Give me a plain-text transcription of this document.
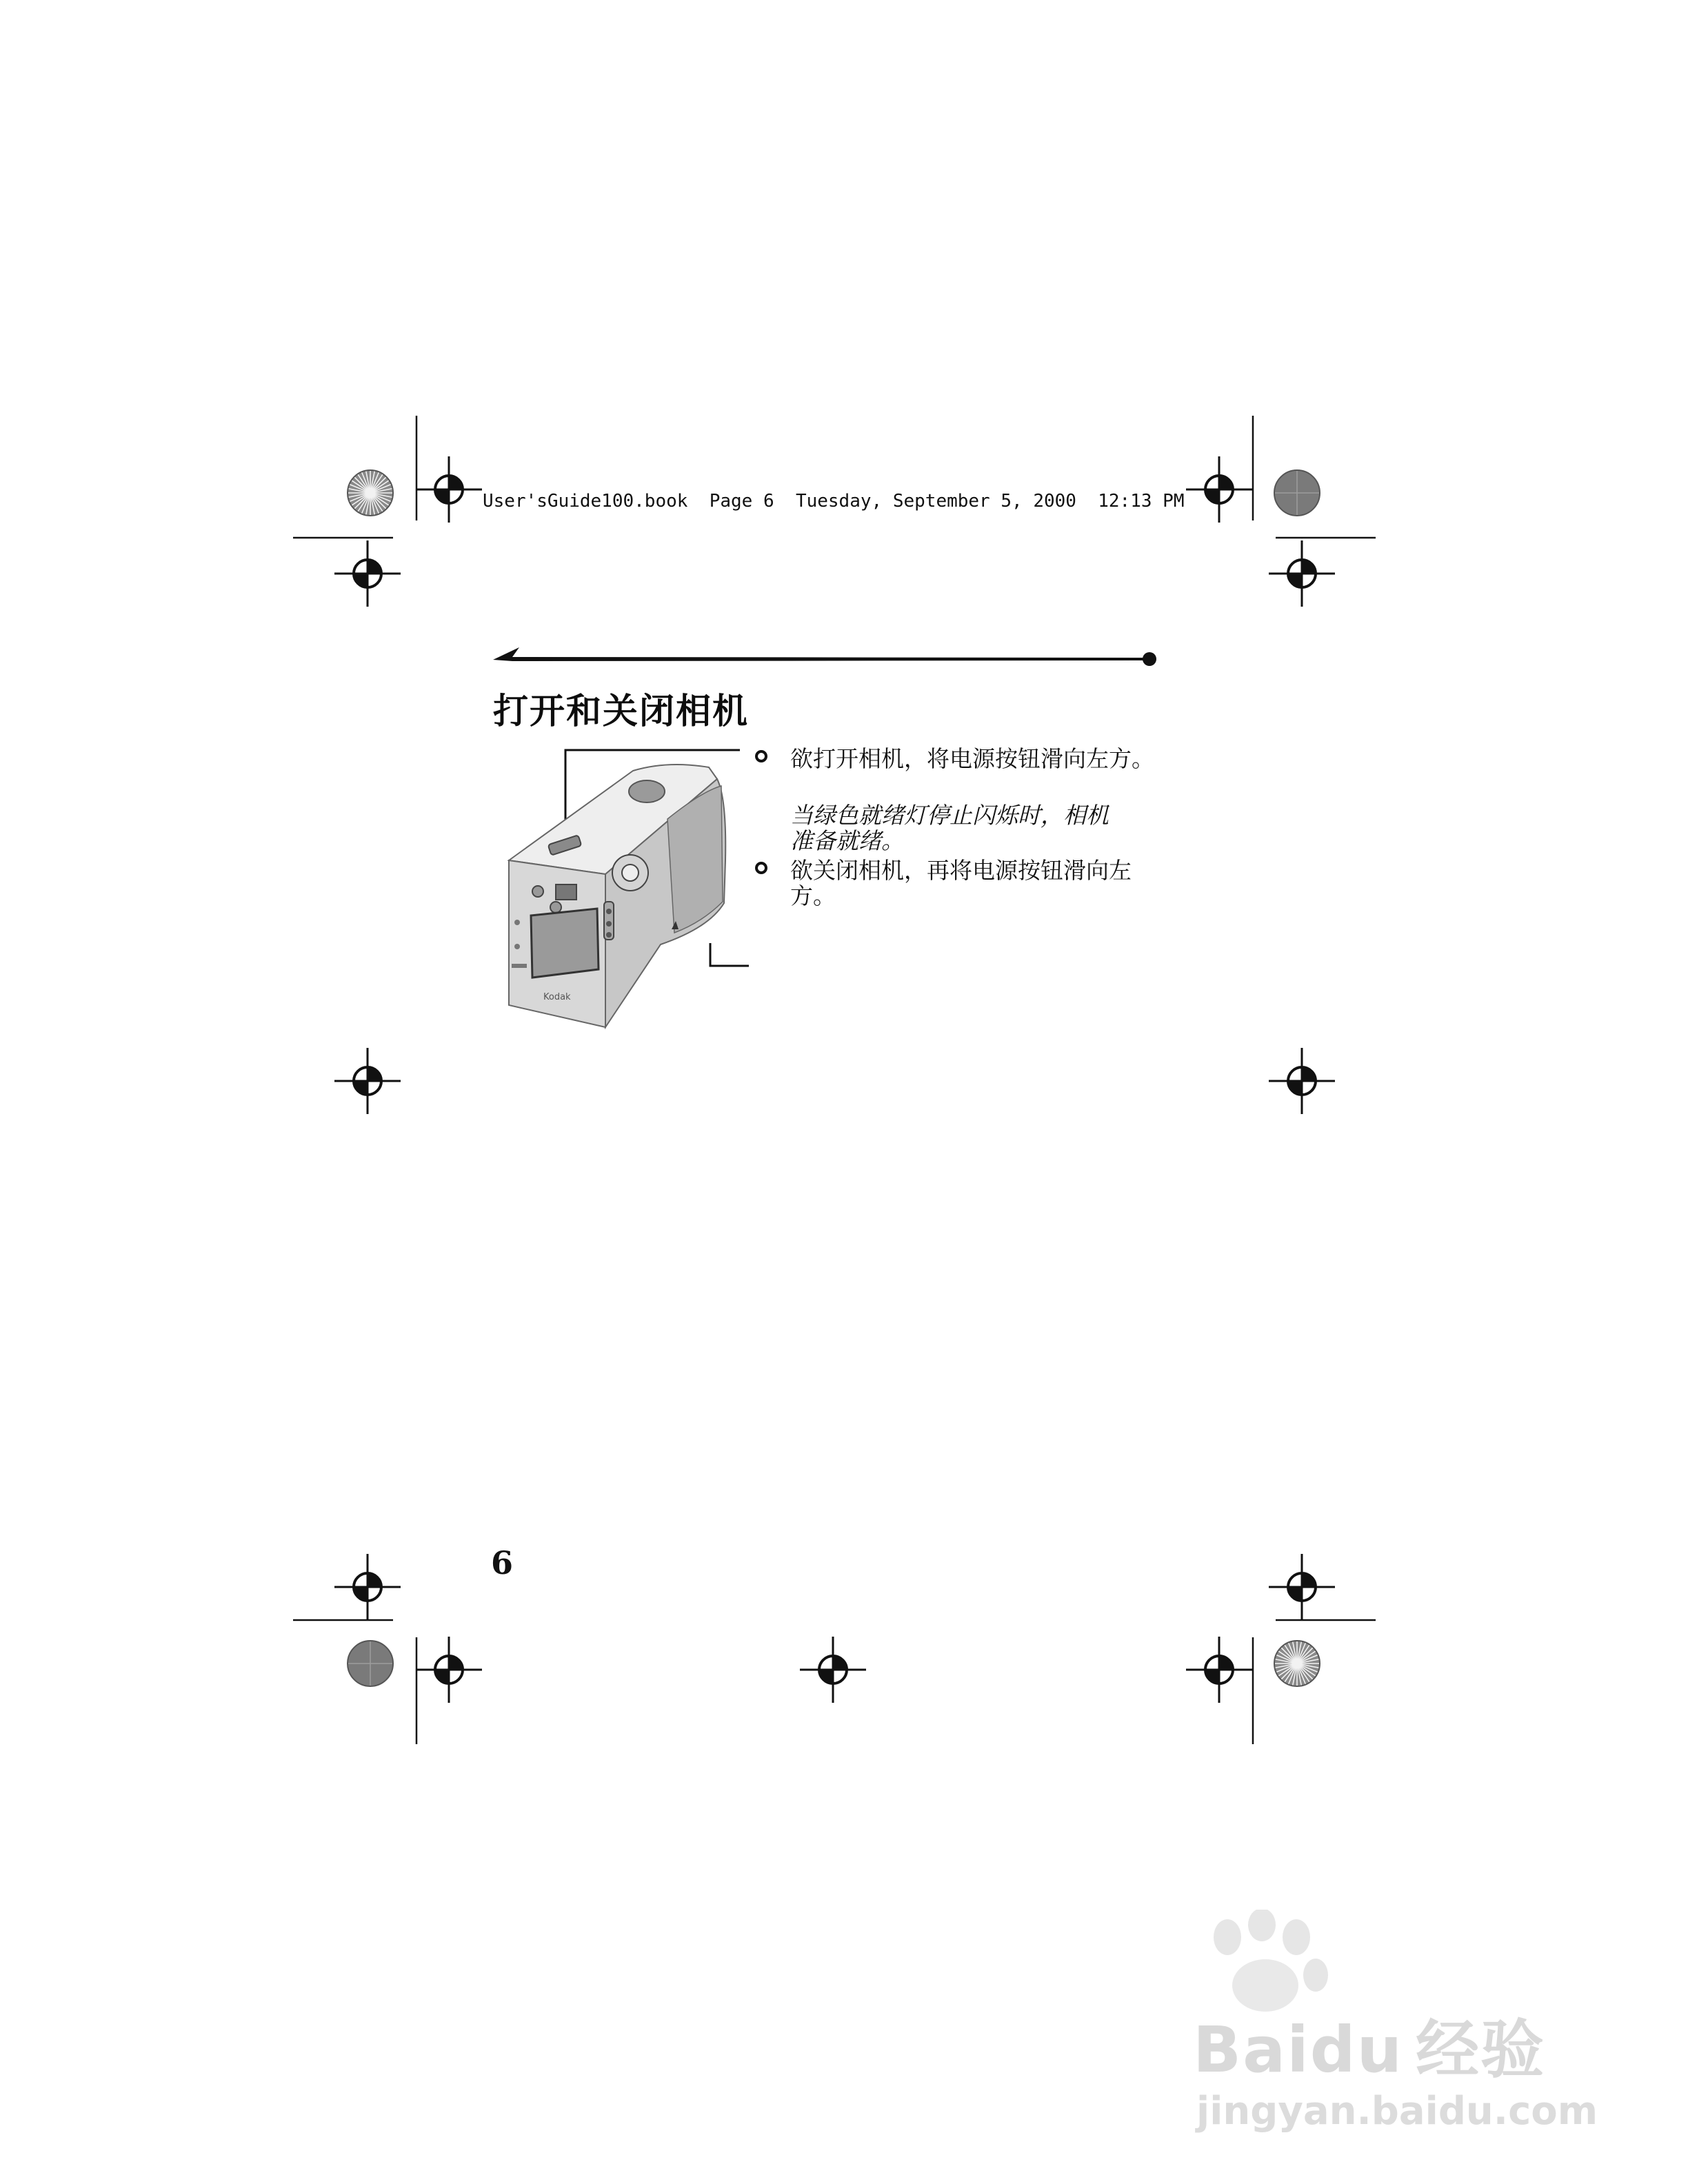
User'sGuide100.book  Page 6  Tuesday, September 5, 2000  12:13 PM
打开和关闭相机
Kodak
欲打开相机，将电源按钮滑向左方。
当绿色就绪灯停止闪烁时，相机
准备就绪。
欲关闭相机，再将电源按钮滑向左方。
6
Baidu 经验
jingyan.baidu.com
